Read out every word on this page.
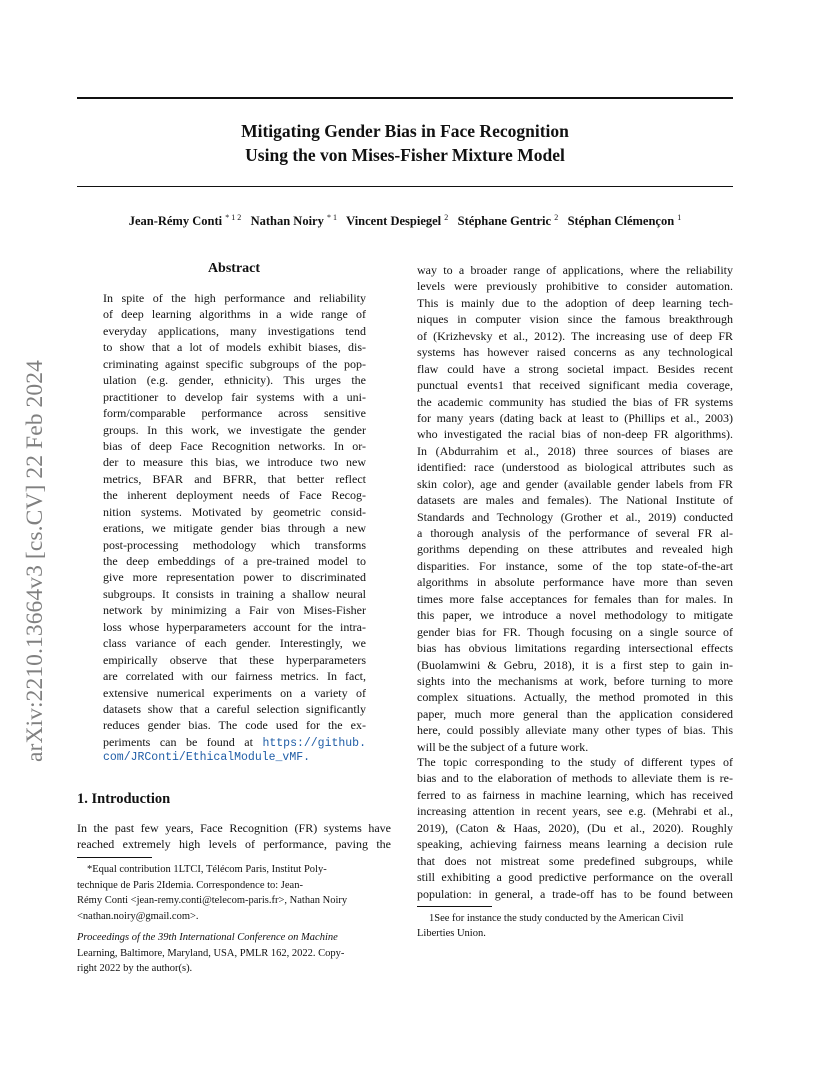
Mitigating Gender Bias in Face Recognition
Using the von Mises-Fisher Mixture Model
Jean-Rémy Conti $^{* 1 2}$ Nathan Noiry $^{* 1}$ Vincent Despiegel $^2$ Stéphane Gentric $^2$ Stéphan Clémençon $^1$
arXiv:2210.13664v3 [cs.CV] 22 Feb 2024
Abstract
In spite of the high performance and reliability
of deep learning algorithms in a wide range of
everyday applications, many investigations tend
to show that a lot of models exhibit biases, dis-
criminating against specific subgroups of the pop-
ulation (e.g. gender, ethnicity). This urges the
practitioner to develop fair systems with a uni-
form/comparable performance across sensitive
groups. In this work, we investigate the gender
bias of deep Face Recognition networks. In or-
der to measure this bias, we introduce two new
metrics, BFAR and BFRR, that better reflect
the inherent deployment needs of Face Recog-
nition systems. Motivated by geometric consid-
erations, we mitigate gender bias through a new
post-processing methodology which transforms
the deep embeddings of a pre-trained model to
give more representation power to discriminated
subgroups. It consists in training a shallow neural
network by minimizing a Fair von Mises-Fisher
loss whose hyperparameters account for the intra-
class variance of each gender. Interestingly, we
empirically observe that these hyperparameters
are correlated with our fairness metrics. In fact,
extensive numerical experiments on a variety of
datasets show that a careful selection significantly
reduces gender bias. The code used for the ex-
periments can be found at https://github.
com/JRConti/EthicalModule_vMF.
1. Introduction
In the past few years, Face Recognition (FR) systems have
reached extremely high levels of performance, paving the
*Equal contribution 1LTCI, Télécom Paris, Institut Poly-
technique de Paris 2Idemia. Correspondence to: Jean-
Rémy Conti <jean-remy.conti@telecom-paris.fr>, Nathan Noiry
<nathan.noiry@gmail.com>.
Proceedings of the 39th International Conference on Machine
Learning, Baltimore, Maryland, USA, PMLR 162, 2022. Copy-
right 2022 by the author(s).
way to a broader range of applications, where the reliability
levels were previously prohibitive to consider automation.
This is mainly due to the adoption of deep learning tech-
niques in computer vision since the famous breakthrough
of (Krizhevsky et al., 2012). The increasing use of deep FR
systems has however raised concerns as any technological
flaw could have a strong societal impact. Besides recent
punctual events1 that received significant media coverage,
the academic community has studied the bias of FR systems
for many years (dating back at least to (Phillips et al., 2003)
who investigated the racial bias of non-deep FR algorithms).
In (Abdurrahim et al., 2018) three sources of biases are
identified: race (understood as biological attributes such as
skin color), age and gender (available gender labels from FR
datasets are males and females). The National Institute of
Standards and Technology (Grother et al., 2019) conducted
a thorough analysis of the performance of several FR al-
gorithms depending on these attributes and revealed high
disparities. For instance, some of the top state-of-the-art
algorithms in absolute performance have more than seven
times more false acceptances for females than for males. In
this paper, we introduce a novel methodology to mitigate
gender bias for FR. Though focusing on a single source of
bias has obvious limitations regarding intersectional effects
(Buolamwini & Gebru, 2018), it is a first step to gain in-
sights into the mechanisms at work, before turning to more
complex situations. Actually, the method promoted in this
paper, much more general than the application considered
here, could possibly alleviate many other types of bias. This
will be the subject of a future work.
The topic corresponding to the study of different types of
bias and to the elaboration of methods to alleviate them is re-
ferred to as fairness in machine learning, which has received
increasing attention in recent years, see e.g. (Mehrabi et al.,
2019), (Caton & Haas, 2020), (Du et al., 2020). Roughly
speaking, achieving fairness means learning a decision rule
that does not mistreat some predefined subgroups, while
still exhibiting a good predictive performance on the overall
population: in general, a trade-off has to be found between
1See for instance the study conducted by the American Civil
Liberties Union.
